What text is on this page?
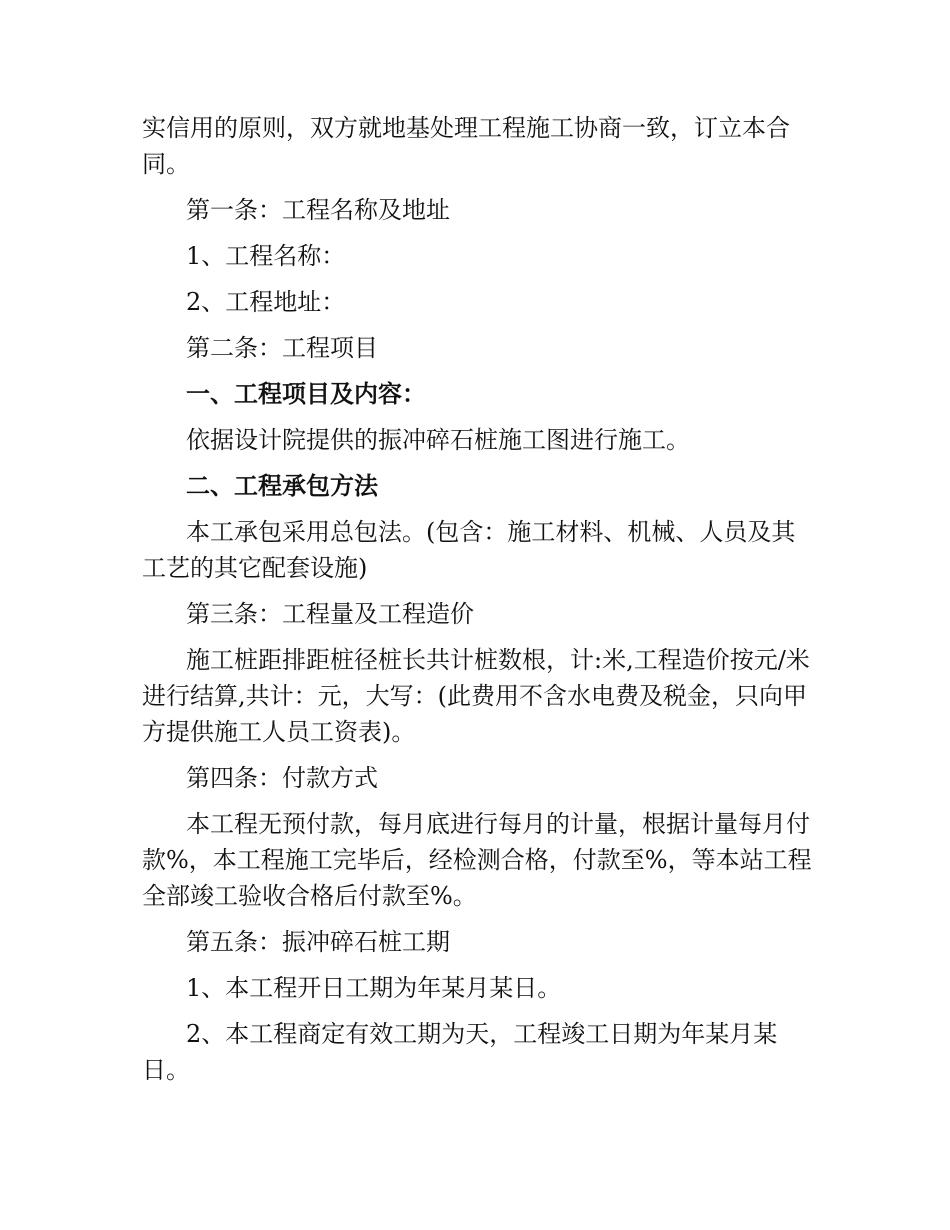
实信用的原则，双方就地基处理工程施工协商一致，订立本合同。

第一条：工程名称及地址

1、工程名称：

2、工程地址：

第二条：工程项目

一、工程项目及内容：

依据设计院提供的振冲碎石桩施工图进行施工。

二、工程承包方法

本工承包采用总包法。(包含：施工材料、机械、人员及其工艺的其它配套设施)

第三条：工程量及工程造价

施工桩距排距桩径桩长共计桩数根，计:米,工程造价按元/米进行结算,共计：元，大写：(此费用不含水电费及税金，只向甲方提供施工人员工资表)。

第四条：付款方式

本工程无预付款，每月底进行每月的计量，根据计量每月付款%，本工程施工完毕后，经检测合格，付款至%，等本站工程全部竣工验收合格后付款至%。

第五条：振冲碎石桩工期

1、本工程开日工期为年某月某日。

2、本工程商定有效工期为天，工程竣工日期为年某月某日。
